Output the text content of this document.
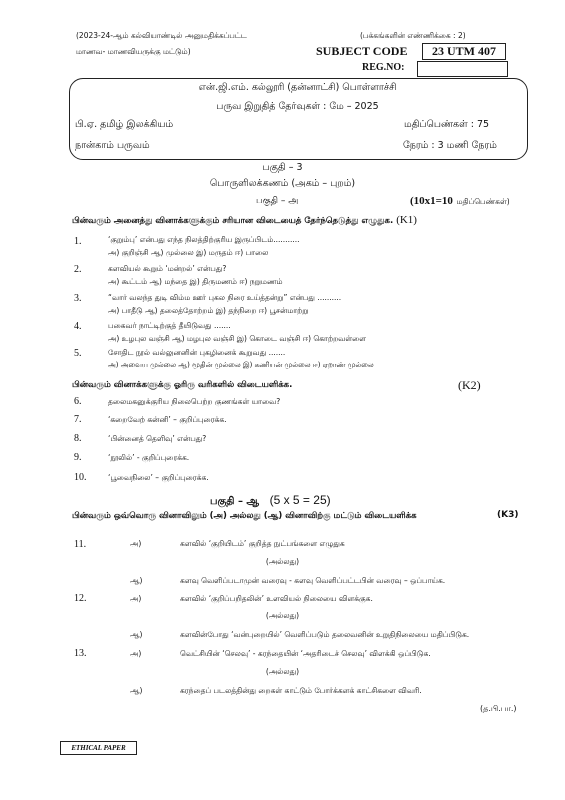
(2023-24-ஆம் கல்வியாண்டில் அனுமதிக்கப்பட்ட	(பக்கங்களின் எண்ணிக்கை : 2)
மாணவ- மாணவியருக்கு மட்டும்)	SUBJECT CODE	23 UTM 407
REG.NO:
என்.ஜி.எம். கல்லூரி (தன்னாட்சி) பொள்ளாச்சி
பருவ இறுதித் தேர்வுகள் : மே – 2025
பி.ஏ. தமிழ் இலக்கியம்	மதிப்பெண்கள் : 75
நான்காம் பருவம்	நேரம் : 3 மணி நேரம்
பகுதி – 3
பொருளிலக்கணம் (அகம் – புறம்)
பகுதி – அ	(10x1=10 மதிப்பெண்கள்)
பின்வரும் அனைத்து வினாக்களுக்கும் சரியான விடையைத் தேர்ந்தெடுத்து எழுதுக. (K1)
1.	‘குறும்பு’ என்பது எந்த நிலத்திற்குரிய இருப்பிடம்...........
அ) குறிஞ்சி ஆ) முல்லை இ) மருதம் ஈ) பாலை
2.	களவியல் கூறும் ‘மன்றல்’ என்பது?
அ) கூட்டம் ஆ) மந்தை இ) திருமணம் ஈ) நறுமணம்
3.	“வார் வலந்த துடி விம்ம ஊர் புகல நிரை உய்த்தன்று” என்பது ..........
அ) பாதீடு ஆ) தலைத்தோற்றம் இ) தந்நிறை ஈ) பூசன்மாற்று
4.	பகைவர் நாட்டிற்குத் தீயிடுவது .......
அ) உழபுல வஞ்சி ஆ) மழபுல வஞ்சி இ) கொடை வஞ்சி ஈ) கொற்றவள்ளை
5.	சோதிட நூல் வல்லுனனின் புகழினைக் கூறுவது .......
அ) அவைய முல்லை ஆ) மூதின் முல்லை இ) கணியன் முல்லை ஈ) ஏறாண் முல்லை
பின்வரும் வினாக்களுக்கு ஓரிரு வரிகளில் விடையளிக்க.	(K2)
6.	தலைமகனுக்குரிய நிலைபெற்ற குணங்கள் யாவை?
7.	‘கறைவேற் கன்னி’ – குறிப்புரைக்க.
8.	‘பின்னைத் தெளிவு’ என்பது?
9.	‘நூலில்’ - குறிப்புரைக்க.
10.	‘பூவைநிலை’ – குறிப்புரைக்க.
பகுதி – ஆ (5 x 5 = 25)
பின்வரும் ஒவ்வொரு வினாவிலும் (அ) அல்லது (ஆ) வினாவிற்கு மட்டும் விடையளிக்க	(K3)
11.	அ)	களவில் ‘குறியிடம்’ குறித்த நுட்பங்களை எழுதுக
(அல்லது)
ஆ)	களவு வெளிப்படாமுன் வரைவு - களவு வெளிப்பட்டபின் வரைவு – ஒப்பாய்க.
12.	அ)	களவில் ‘குறிப்பறிதலின்’ உளவியல் நிலையை விளக்குக.
(அல்லது)
ஆ)	களவின்போது ‘வன்புறையில்’ வெளிப்படும் தலைவனின் உறுதிநிலையை மதிப்பிடுக.
13.	அ)	வெட்சியின் ‘செலவு’ - கரந்தையின் ‘அதரிடைச் செலவு’ விளக்கி ஒப்பிடுக.
(அல்லது)
ஆ)	கரந்தைப் படலத்தின்து றைகள் காட்டும் போர்க்களக் காட்சிகளை விவரி.
(த.பி.பா.)
ETHICAL PAPER
